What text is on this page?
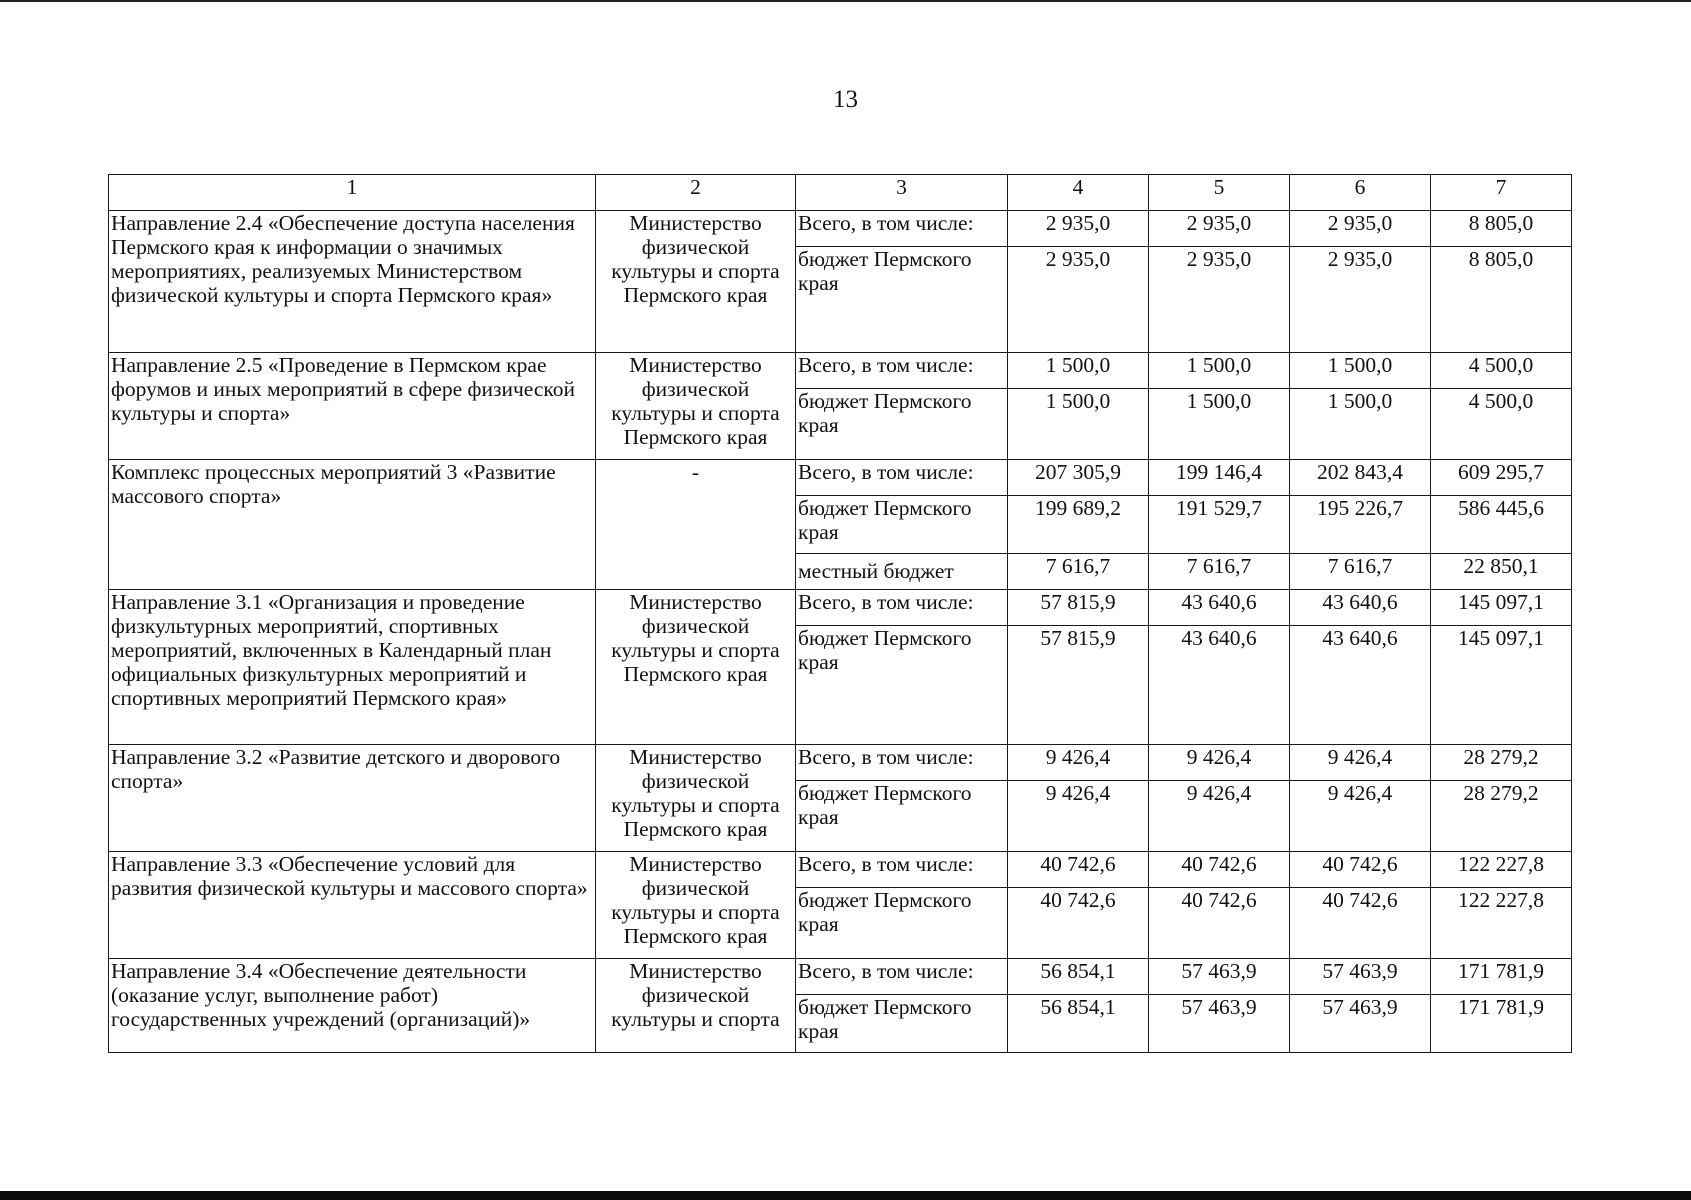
13
1	2	3	4	5	6	7
Направление 2.4 «Обеспечение доступа населения Пермского края к информации о значимых мероприятиях, реализуемых Министерством физической культуры и спорта Пермского края»	Министерство физической культуры и спорта Пермского края	Всего, в том числе:	2 935,0	2 935,0	2 935,0	8 805,0
		бюджет Пермского края	2 935,0	2 935,0	2 935,0	8 805,0
Направление 2.5 «Проведение в Пермском крае форумов и иных мероприятий в сфере физической культуры и спорта»	Министерство физической культуры и спорта Пермского края	Всего, в том числе:	1 500,0	1 500,0	1 500,0	4 500,0
		бюджет Пермского края	1 500,0	1 500,0	1 500,0	4 500,0
Комплекс процессных мероприятий 3 «Развитие массового спорта»	-	Всего, в том числе:	207 305,9	199 146,4	202 843,4	609 295,7
		бюджет Пермского края	199 689,2	191 529,7	195 226,7	586 445,6
		местный бюджет	7 616,7	7 616,7	7 616,7	22 850,1
Направление 3.1 «Организация и проведение физкультурных мероприятий, спортивных мероприятий, включенных в Календарный план официальных физкультурных мероприятий и спортивных мероприятий Пермского края»	Министерство физической культуры и спорта Пермского края	Всего, в том числе:	57 815,9	43 640,6	43 640,6	145 097,1
		бюджет Пермского края	57 815,9	43 640,6	43 640,6	145 097,1
Направление 3.2 «Развитие детского и дворового спорта»	Министерство физической культуры и спорта Пермского края	Всего, в том числе:	9 426,4	9 426,4	9 426,4	28 279,2
		бюджет Пермского края	9 426,4	9 426,4	9 426,4	28 279,2
Направление 3.3 «Обеспечение условий для развития физической культуры и массового спорта»	Министерство физической культуры и спорта Пермского края	Всего, в том числе:	40 742,6	40 742,6	40 742,6	122 227,8
		бюджет Пермского края	40 742,6	40 742,6	40 742,6	122 227,8
Направление 3.4 «Обеспечение деятельности (оказание услуг, выполнение работ) государственных учреждений (организаций)»	Министерство физической культуры и спорта	Всего, в том числе:	56 854,1	57 463,9	57 463,9	171 781,9
		бюджет Пермского края	56 854,1	57 463,9	57 463,9	171 781,9
